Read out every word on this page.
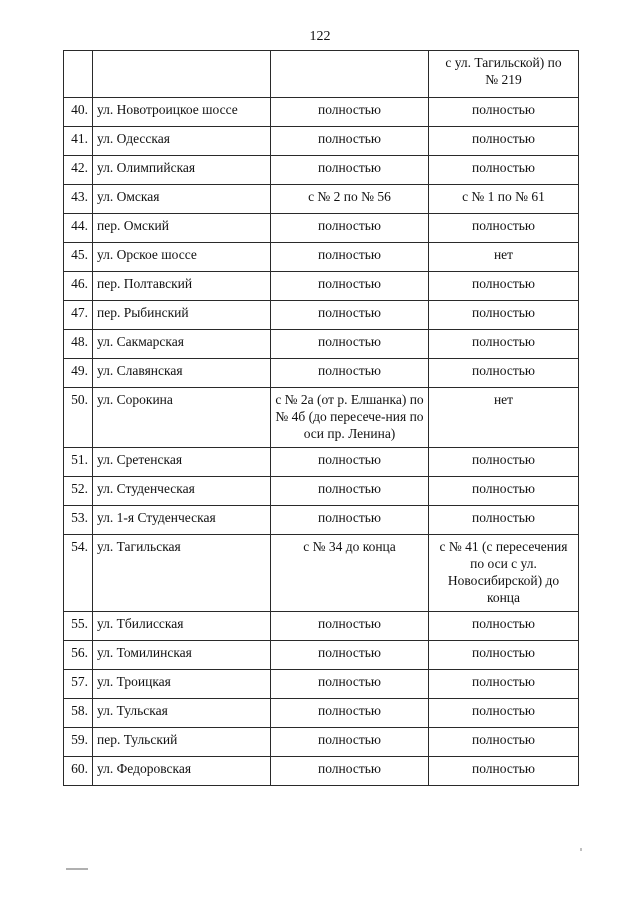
122
			с ул. Тагильской) по № 219
40.	ул. Новотроицкое шоссе	полностью	полностью
41.	ул. Одесская	полностью	полностью
42.	ул. Олимпийская	полностью	полностью
43.	ул. Омская	с № 2 по № 56	с № 1 по № 61
44.	пер. Омский	полностью	полностью
45.	ул. Орское шоссе	полностью	нет
46.	пер. Полтавский	полностью	полностью
47.	пер. Рыбинский	полностью	полностью
48.	ул. Сакмарская	полностью	полностью
49.	ул. Славянская	полностью	полностью
50.	ул. Сорокина	с № 2а (от р. Елшанка) по № 4б (до пересече-ния по оси пр. Ленина)	нет
51.	ул. Сретенская	полностью	полностью
52.	ул. Студенческая	полностью	полностью
53.	ул. 1-я Студенческая	полностью	полностью
54.	ул. Тагильская	с № 34 до конца	с № 41 (с пересечения по оси с ул. Новосибирской) до конца
55.	ул. Тбилисская	полностью	полностью
56.	ул. Томилинская	полностью	полностью
57.	ул. Троицкая	полностью	полностью
58.	ул. Тульская	полностью	полностью
59.	пер. Тульский	полностью	полностью
60.	ул. Федоровская	полностью	полностью
